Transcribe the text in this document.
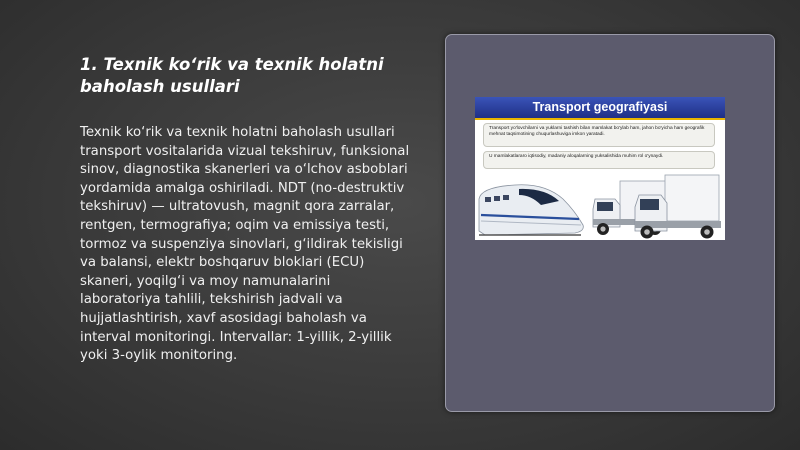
1. Texnik ko‘rik va texnik holatni baholash usullari

Texnik ko‘rik va texnik holatni baholash usullari transport vositalarida vizual tekshiruv, funksional sinov, diagnostika skanerleri va o‘lchov asboblari yordamida amalga oshiriladi. NDT (no-destruktiv tekshiruv) — ultratovush, magnit qora zarralar, rentgen, termografiya; oqim va emissiya testi, tormoz va suspenziya sinovlari, g‘ildirak tekisligi va balansi, elektr boshqaruv bloklari (ECU) skaneri, yoqilg‘i va moy namunalarini laboratoriya tahlili, tekshirish jadvali va hujjatlashtirish, xavf asosidagi baholash va interval monitoringi. Intervallar: 1-yillik, 2-yillik yoki 3-oylik monitoring.

Transport geografiyasi
Transport yo'lovchilarni va yuklarni tashish bilan mamlakat bo'ylab ham, jahon bo'yicha ham geografik mehnat taqsimotining chuqurlashuviga imkon yaratadi.
U mamlakatlararo iqtisodiy, madaniy aloqalarning yuksalishida muhim rol o'ynaydi.
